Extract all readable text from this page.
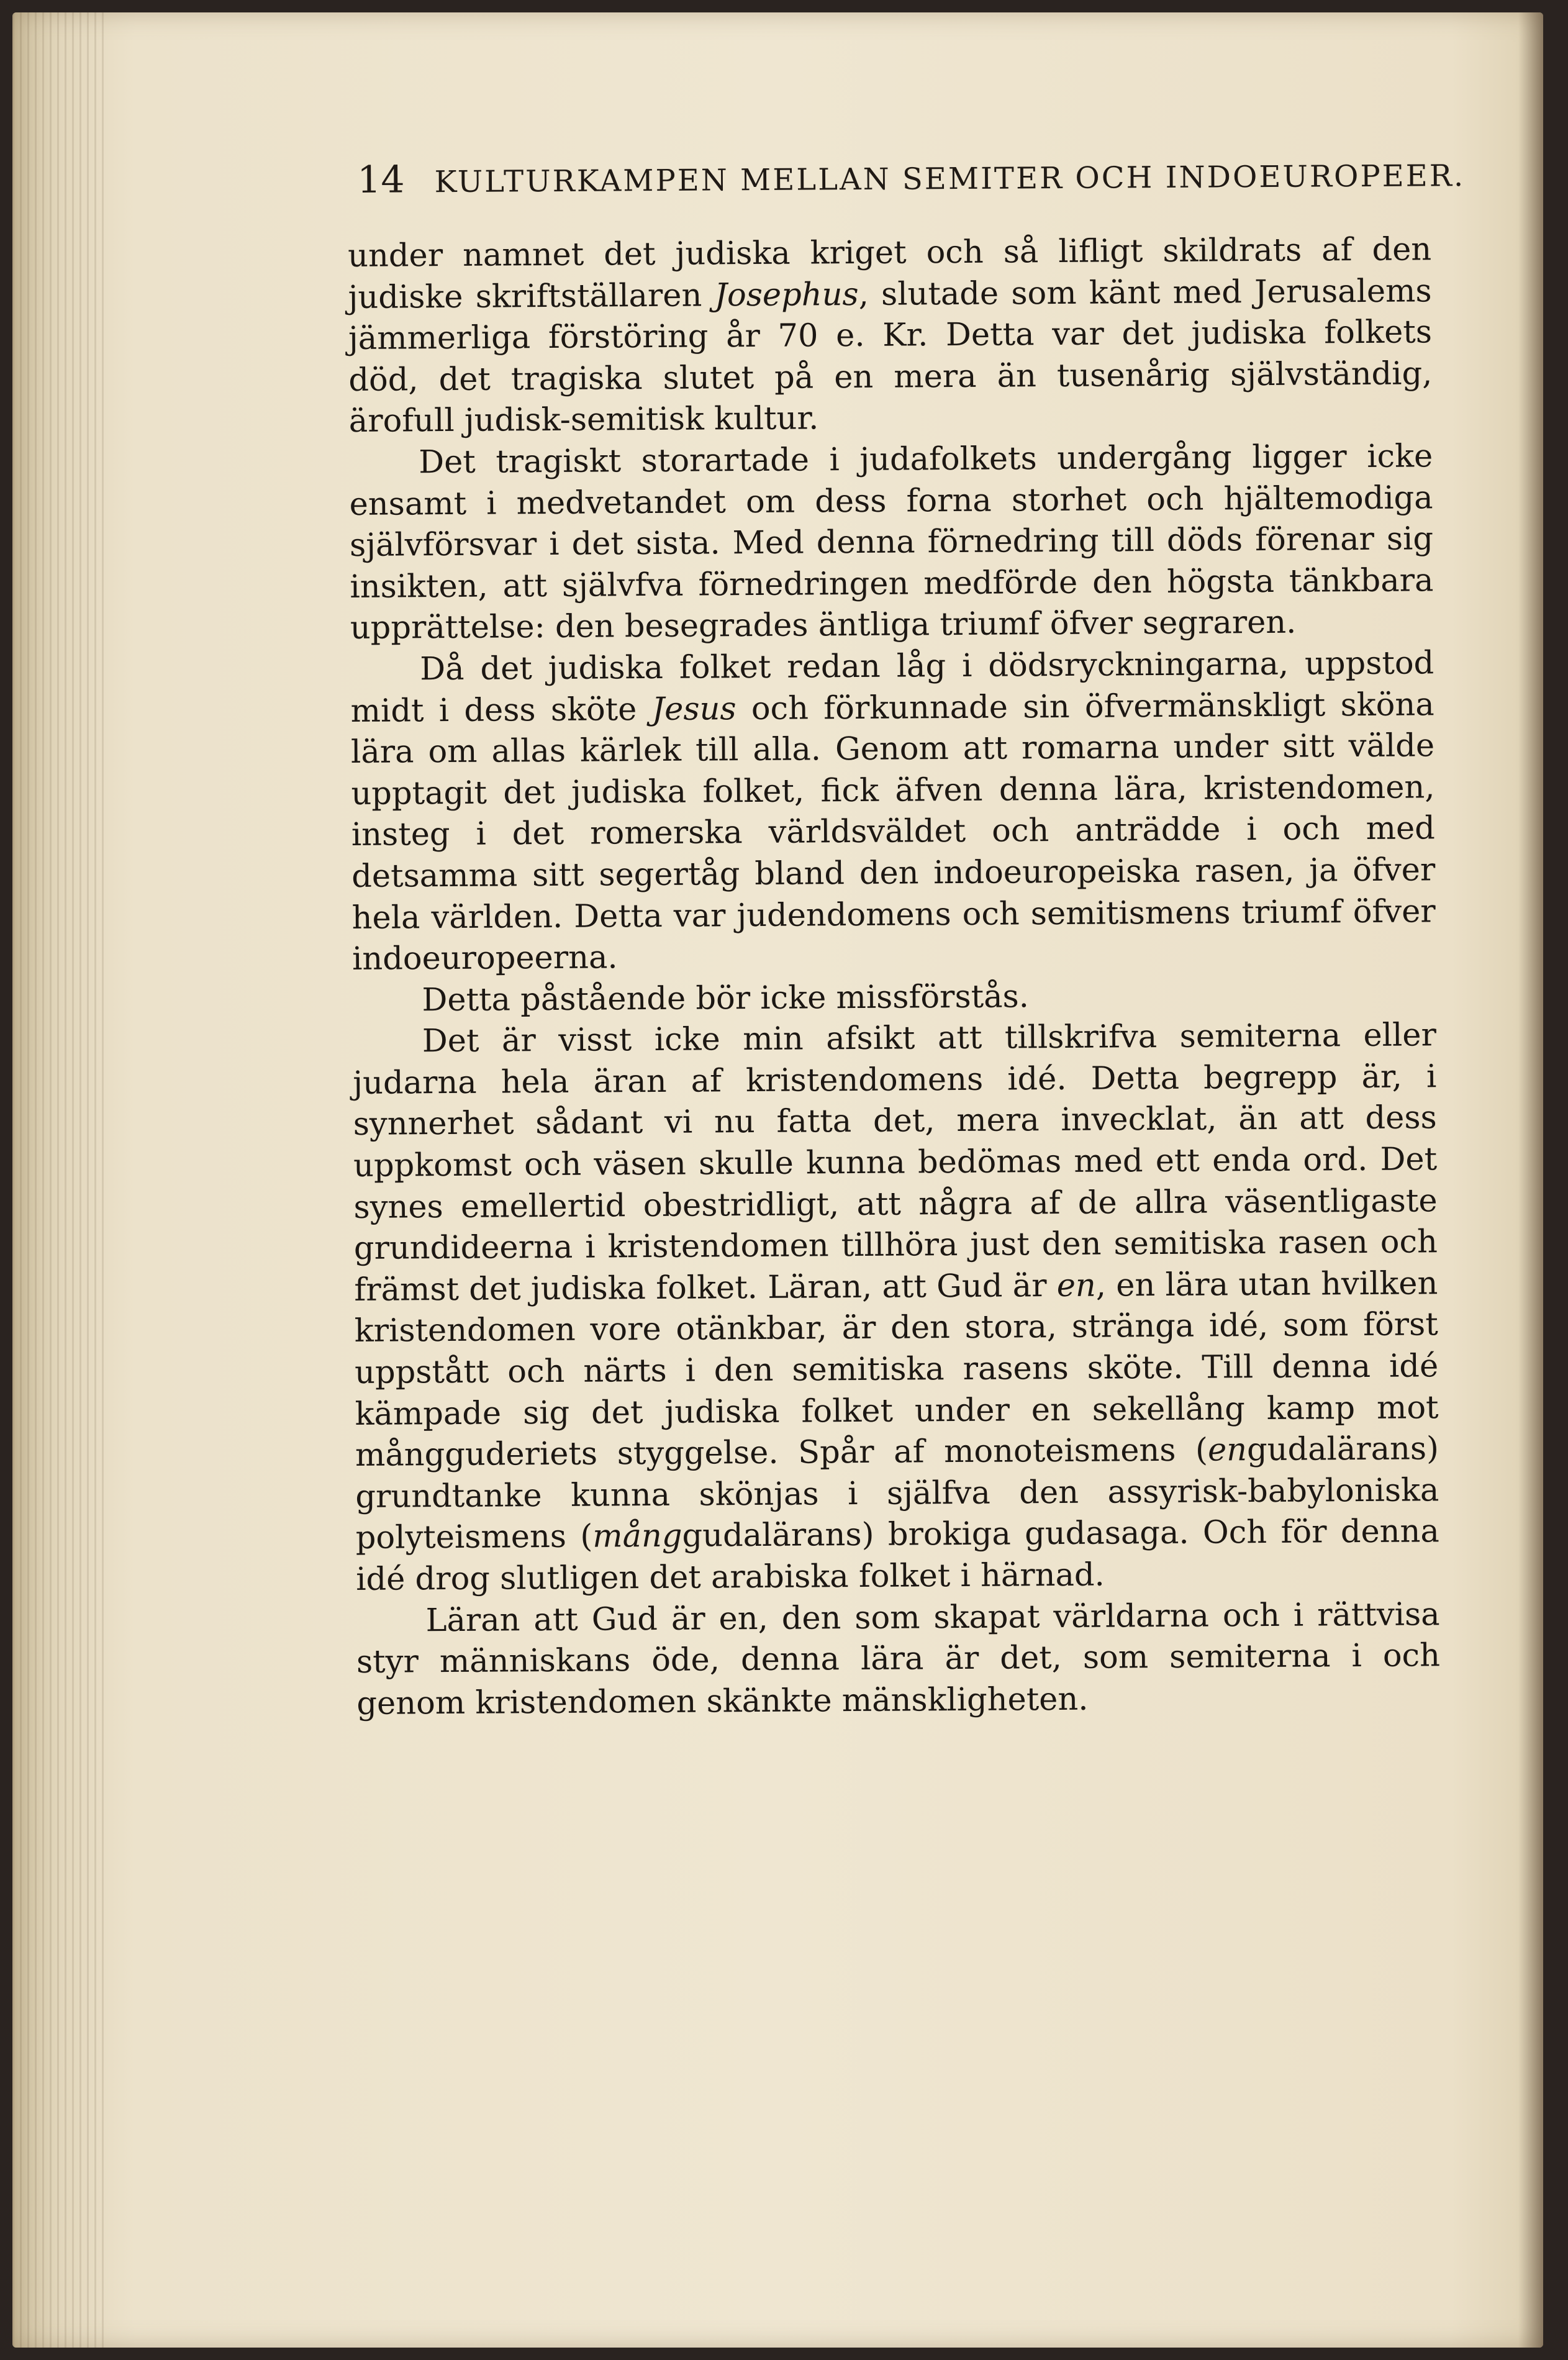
14 KULTURKAMPEN MELLAN SEMITER OCH INDOEUROPEER.

under namnet det judiska kriget och så lifligt skildrats af den judiske skriftställaren Josephus, slutade som känt med Jerusalems jämmerliga förstöring år 70 e. Kr. Detta var det judiska folkets död, det tragiska slutet på en mera än tusenårig självständig, ärofull judisk-semitisk kultur.

Det tragiskt storartade i judafolkets undergång ligger icke ensamt i medvetandet om dess forna storhet och hjältemodiga självförsvar i det sista. Med denna förnedring till döds förenar sig insikten, att självfva förnedringen medförde den högsta tänkbara upprättelse: den besegrades äntliga triumf öfver segraren.

Då det judiska folket redan låg i dödsryckningarna, uppstod midt i dess sköte Jesus och förkunnade sin öfvermänskligt sköna lära om allas kärlek till alla. Genom att romarna under sitt välde upptagit det judiska folket, fick äfven denna lära, kristendomen, insteg i det romerska världsväldet och anträdde i och med detsamma sitt segertåg bland den indoeuropeiska rasen, ja öfver hela världen. Detta var judendomens och semitismens triumf öfver indoeuropeerna.

Detta påstående bör icke missförstås.

Det är visst icke min afsikt att tillskrifva semiterna eller judarna hela äran af kristendomens idé. Detta begrepp är, i synnerhet sådant vi nu fatta det, mera invecklat, än att dess uppkomst och väsen skulle kunna bedömas med ett enda ord. Det synes emellertid obestridligt, att några af de allra väsentligaste grundideerna i kristendomen tillhöra just den semitiska rasen och främst det judiska folket. Läran, att Gud är en, en lära utan hvilken kristendomen vore otänkbar, är den stora, stränga idé, som först uppstått och närts i den semitiska rasens sköte. Till denna idé kämpade sig det judiska folket under en sekellång kamp mot mångguderiets styggelse. Spår af monoteismens (engudalärans) grundtanke kunna skönjas i själfva den assyrisk-babyloniska polyteismens (månggudalärans) brokiga gudasaga. Och för denna idé drog slutligen det arabiska folket i härnad.

Läran att Gud är en, den som skapat världarna och i rättvisa styr människans öde, denna lära är det, som semiterna i och genom kristendomen skänkte mänskligheten.
